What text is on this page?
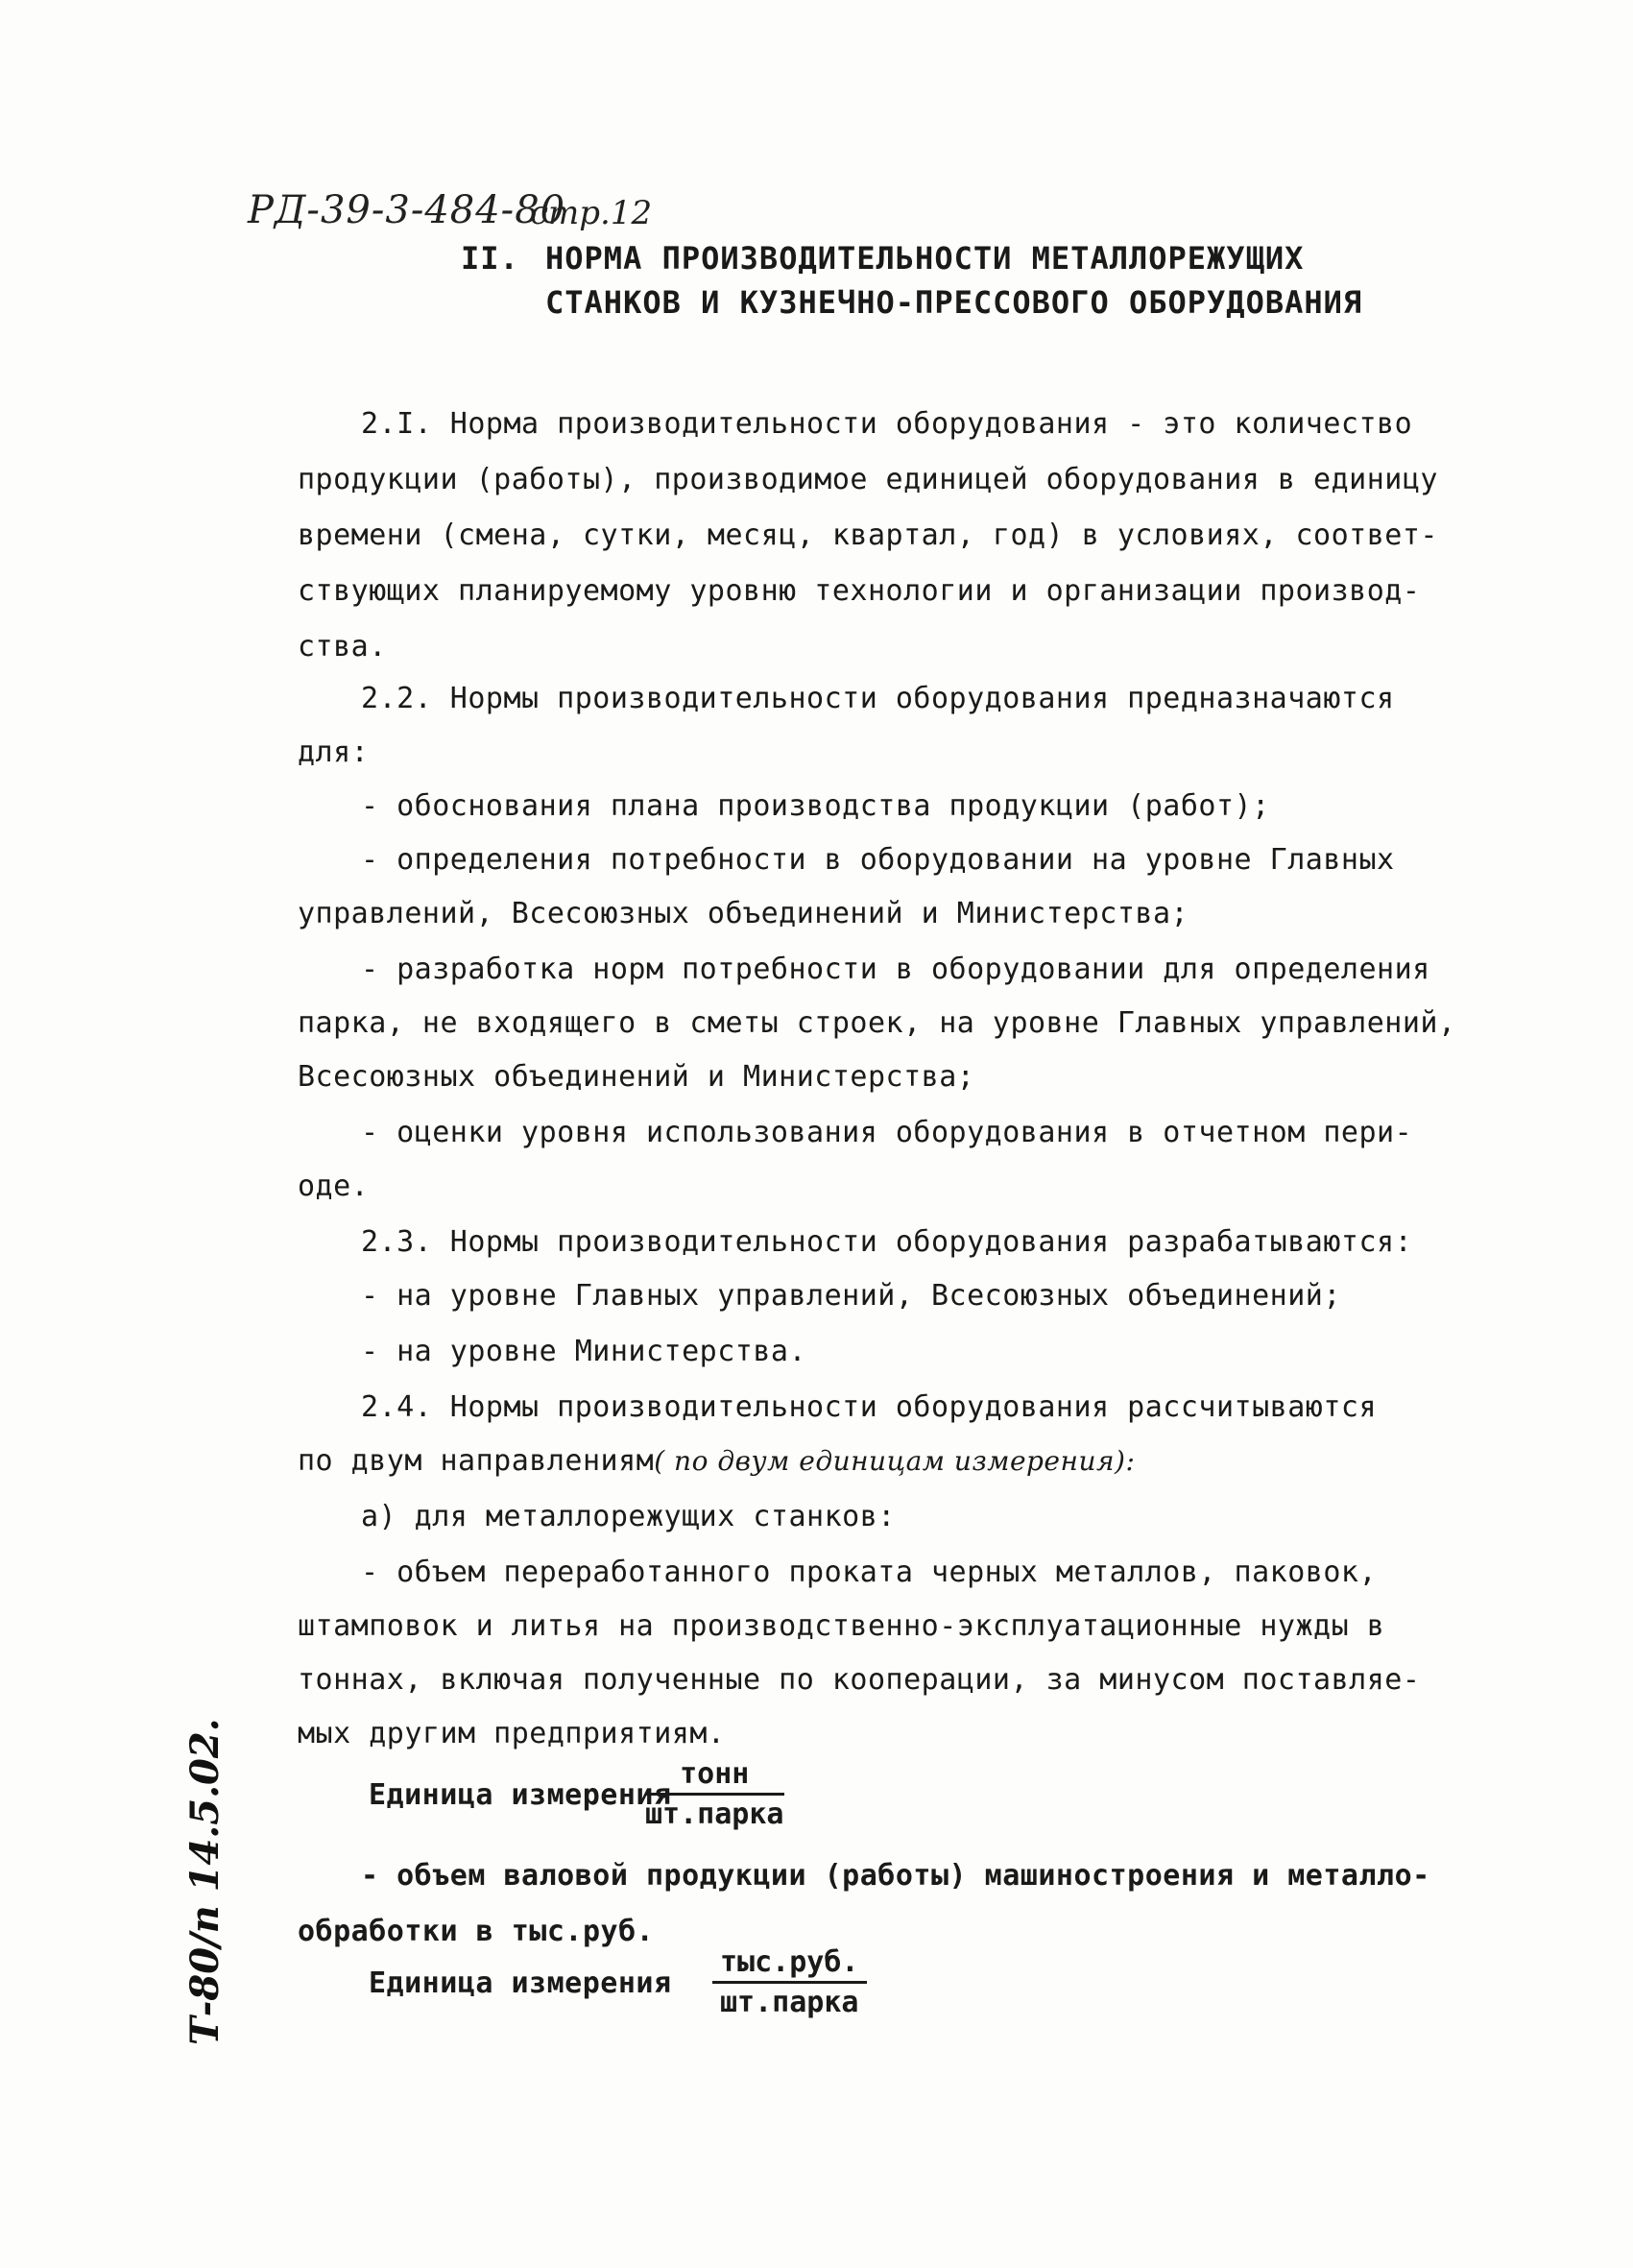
РД-39-3-484-80
стр.12
II. НОРМА ПРОИЗВОДИТЕЛЬНОСТИ МЕТАЛЛОРЕЖУЩИХ
СТАНКОВ И КУЗНЕЧНО-ПРЕССОВОГО ОБОРУДОВАНИЯ
2.I. Норма производительности оборудования - это количество
продукции (работы), производимое единицей оборудования в единицу
времени (смена, сутки, месяц, квартал, год) в условиях, соответ-
ствующих планируемому уровню технологии и организации производ-
ства.
2.2. Нормы производительности оборудования предназначаются
для:
- обоснования плана производства продукции (работ);
- определения потребности в оборудовании на уровне Главных
управлений, Всесоюзных объединений и Министерства;
- разработка норм потребности в оборудовании для определения
парка, не входящего в сметы строек, на уровне Главных управлений,
Всесоюзных объединений и Министерства;
- оценки уровня использования оборудования в отчетном пери-
оде.
2.3. Нормы производительности оборудования разрабатываются:
- на уровне Главных управлений, Всесоюзных объединений;
- на уровне Министерства.
2.4. Нормы производительности оборудования рассчитываются
по двум направлениям( по двум единицам измерения):
а) для металлорежущих станков:
- объем переработанного проката черных металлов, паковок,
штамповок и литья на производственно-эксплуатационные нужды в
тоннах, включая полученные по кооперации, за минусом поставляе-
мых другим предприятиям.
Единица измерения
тонн
шт.парка
- объем валовой продукции (работы) машиностроения и металло-
обработки в тыс.руб.
Единица измерения
тыс.руб.
шт.парка
Т-80/п 14.5.02.
